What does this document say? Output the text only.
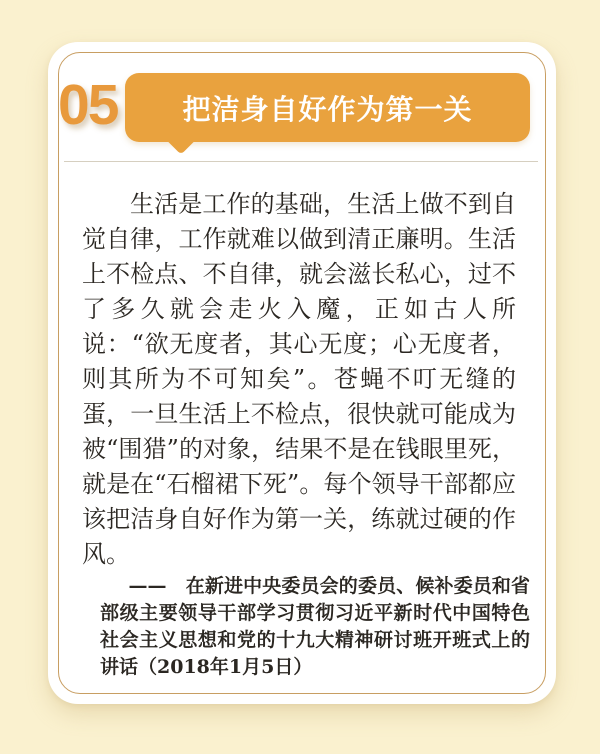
05 把洁身自好作为第一关

生活是工作的基础，生活上做不到自觉自律，工作就难以做到清正廉明。生活上不检点、不自律，就会滋长私心，过不了多久就会走火入魔，正如古人所说：“欲无度者，其心无度；心无度者，则其所为不可知矣”。苍蝇不叮无缝的蛋，一旦生活上不检点，很快就可能成为被“围猎”的对象，结果不是在钱眼里死，就是在“石榴裙下死”。每个领导干部都应该把洁身自好作为第一关，练就过硬的作风。

——　在新进中央委员会的委员、候补委员和省部级主要领导干部学习贯彻习近平新时代中国特色社会主义思想和党的十九大精神研讨班开班式上的讲话（2018年1月5日）
